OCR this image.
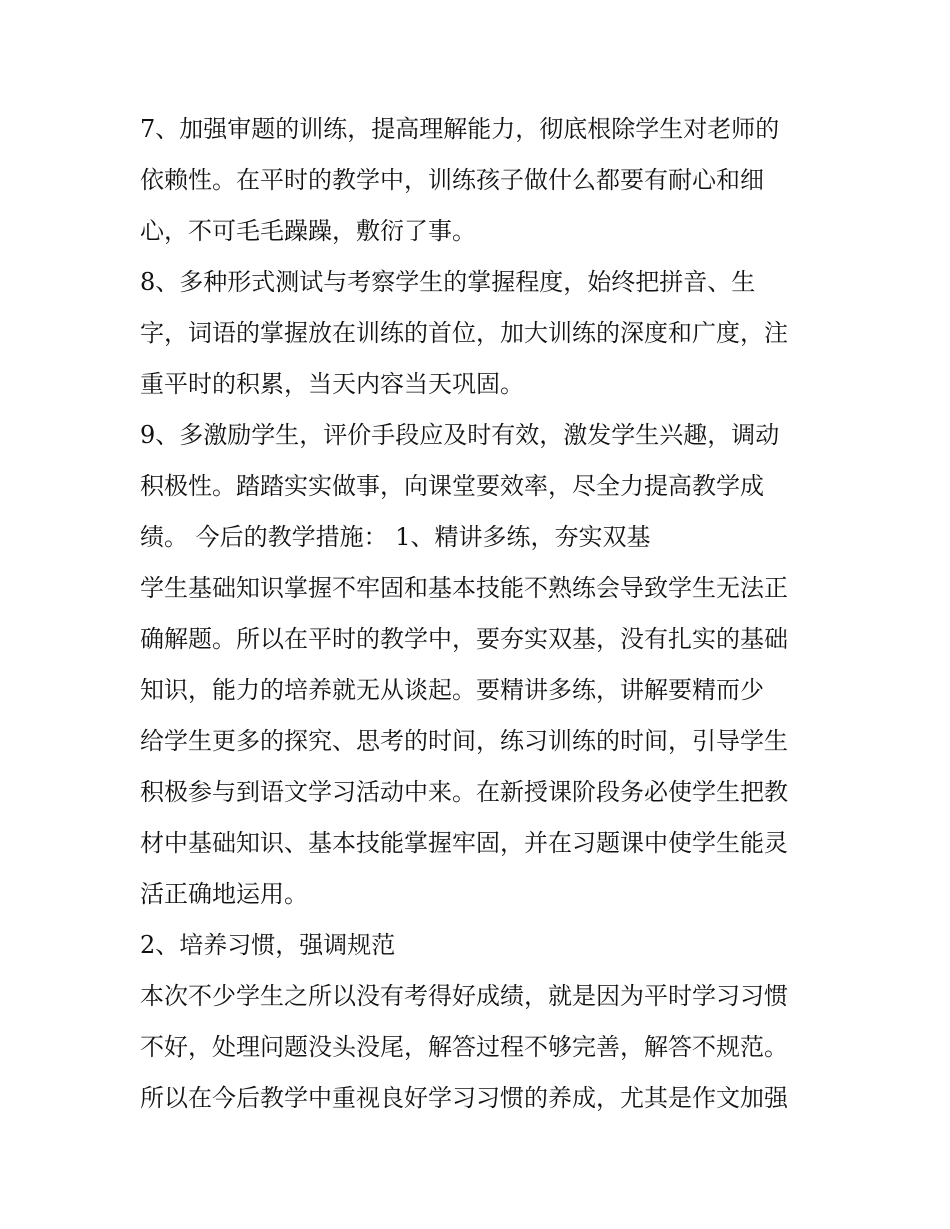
7、加强审题的训练，提高理解能力，彻底根除学生对老师的
依赖性。在平时的教学中，训练孩子做什么都要有耐心和细
心，不可毛毛躁躁，敷衍了事。
8、多种形式测试与考察学生的掌握程度，始终把拼音、生
字，词语的掌握放在训练的首位，加大训练的深度和广度，注
重平时的积累，当天内容当天巩固。
9、多激励学生，评价手段应及时有效，激发学生兴趣，调动
积极性。踏踏实实做事，向课堂要效率，尽全力提高教学成
绩。 今后的教学措施： 1、精讲多练，夯实双基
学生基础知识掌握不牢固和基本技能不熟练会导致学生无法正
确解题。所以在平时的教学中，要夯实双基，没有扎实的基础
知识，能力的培养就无从谈起。要精讲多练，讲解要精而少
给学生更多的探究、思考的时间，练习训练的时间，引导学生
积极参与到语文学习活动中来。在新授课阶段务必使学生把教
材中基础知识、基本技能掌握牢固，并在习题课中使学生能灵
活正确地运用。
2、培养习惯，强调规范
本次不少学生之所以没有考得好成绩，就是因为平时学习习惯
不好，处理问题没头没尾，解答过程不够完善，解答不规范。
所以在今后教学中重视良好学习习惯的养成，尤其是作文加强
